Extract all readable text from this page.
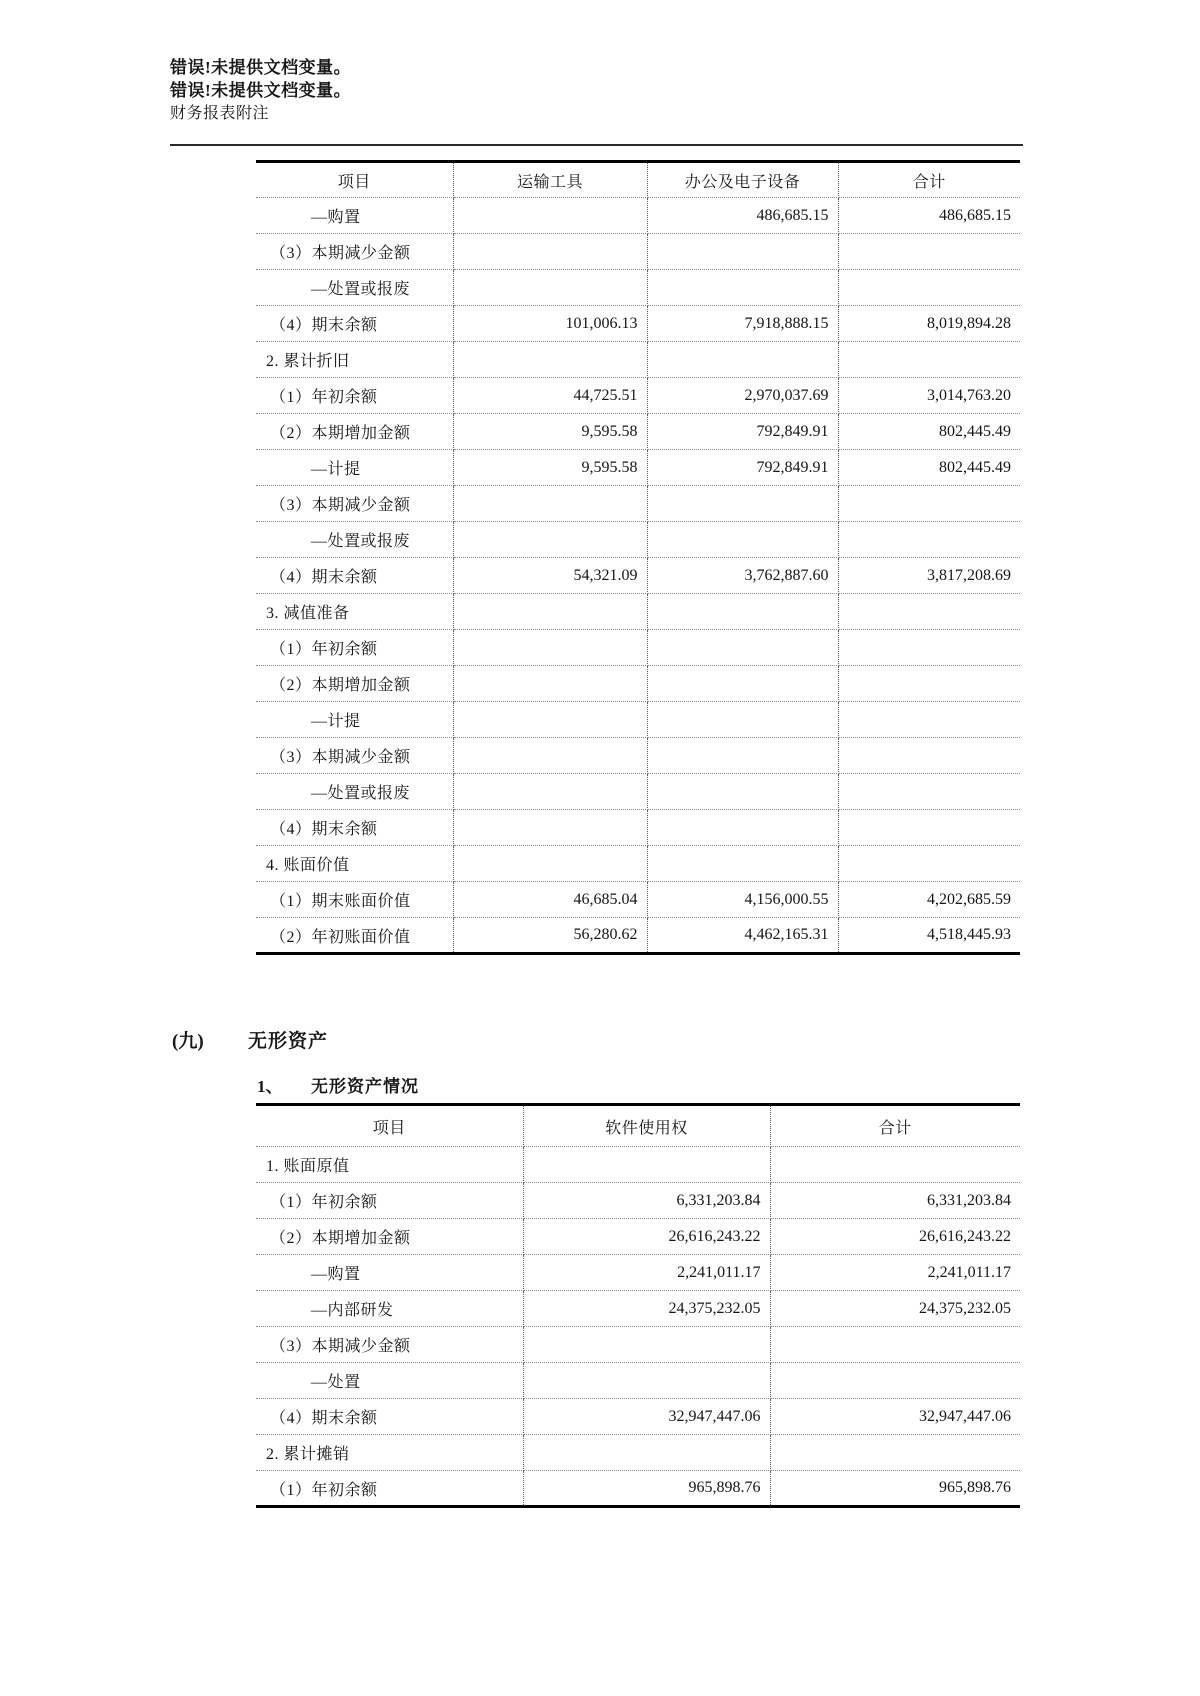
错误!未提供文档变量。
错误!未提供文档变量。
财务报表附注
项目	运输工具	办公及电子设备	合计
—购置		486,685.15	486,685.15
（3）本期减少金额			
—处置或报废			
（4）期末余额	101,006.13	7,918,888.15	8,019,894.28
2. 累计折旧			
（1）年初余额	44,725.51	2,970,037.69	3,014,763.20
（2）本期增加金额	9,595.58	792,849.91	802,445.49
—计提	9,595.58	792,849.91	802,445.49
（3）本期减少金额			
—处置或报废			
（4）期末余额	54,321.09	3,762,887.60	3,817,208.69
3. 减值准备			
（1）年初余额			
（2）本期增加金额			
—计提			
（3）本期减少金额			
—处置或报废			
（4）期末余额			
4. 账面价值			
（1）期末账面价值	46,685.04	4,156,000.55	4,202,685.59
（2）年初账面价值	56,280.62	4,462,165.31	4,518,445.93
(九) 无形资产
1、 无形资产情况
项目	软件使用权	合计
1. 账面原值		
（1）年初余额	6,331,203.84	6,331,203.84
（2）本期增加金额	26,616,243.22	26,616,243.22
—购置	2,241,011.17	2,241,011.17
—内部研发	24,375,232.05	24,375,232.05
（3）本期减少金额		
—处置		
（4）期末余额	32,947,447.06	32,947,447.06
2. 累计摊销		
（1）年初余额	965,898.76	965,898.76
